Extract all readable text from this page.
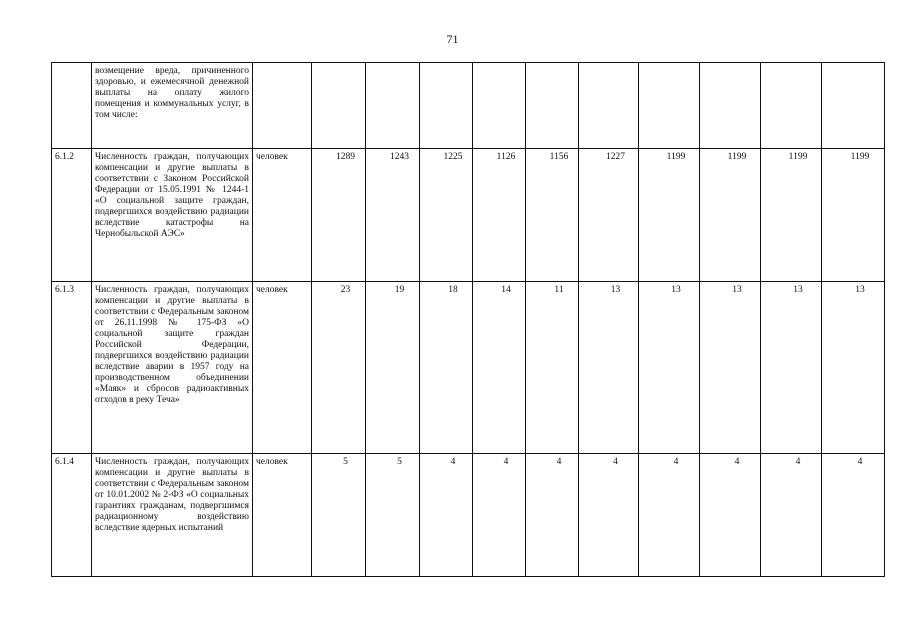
71
	возмещение вреда, причиненного здоровью, и ежемесячной денежной выплаты на оплату жилого помещения и коммунальных услуг, в том числе:											
6.1.2	Численность граждан, получающих компенсации и другие выплаты в соответствии с Законом Российской Федерации от 15.05.1991 № 1244-1 «О социальной защите граждан, подвергшихся воздействию радиации вследствие катастрофы на Чернобыльской АЭС»	человек	1289	1243	1225	1126	1156	1227	1199	1199	1199	1199
6.1.3	Численность граждан, получающих компенсации и другие выплаты в соответствии с Федеральным законом от 26.11.1998 № 175-ФЗ «О социальной защите граждан Российской Федерации, подвергшихся воздействию радиации вследствие аварии в 1957 году на производственном объединении «Маяк» и сбросов радиоактивных отходов в реку Теча»	человек	23	19	18	14	11	13	13	13	13	13
6.1.4	Численность граждан, получающих компенсации и другие выплаты в соответствии с Федеральным законом от 10.01.2002 № 2-ФЗ «О социальных гарантиях гражданам, подвергшимся радиационному воздействию вследствие ядерных испытаний	человек	5	5	4	4	4	4	4	4	4	4
